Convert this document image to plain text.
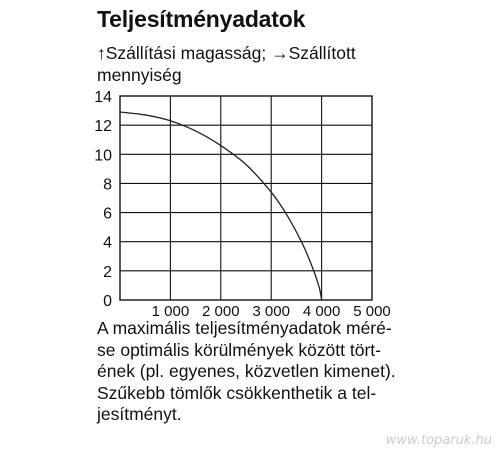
Teljesítményadatok
↑Szállítási magasság; →Szállított mennyiség
0
2
4
6
8
10
12
14
1 000 2 000 3 000 4 000 5 000
A maximális teljesítményadatok mérése optimális körülmények között történek (pl. egyenes, közvetlen kimenet). Szűkebb tömlők csökkenthetik a teljesítményt.
www.toparuk.hu
